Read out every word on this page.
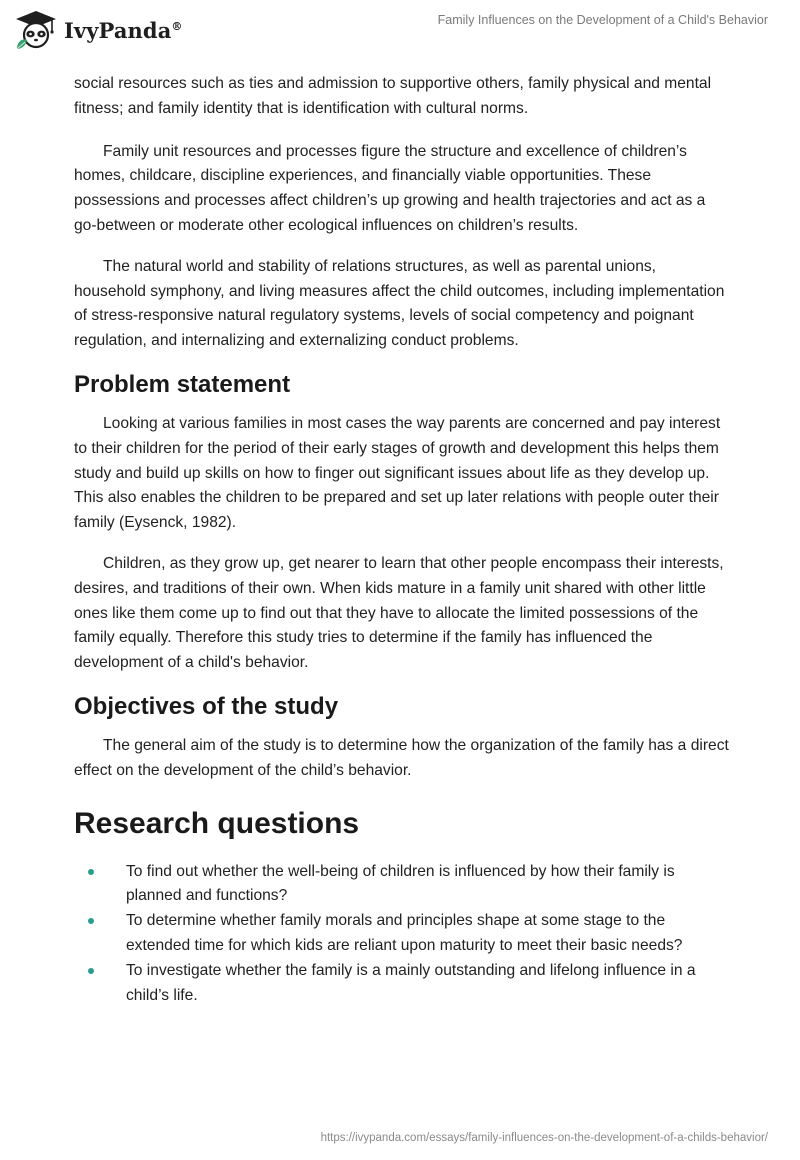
IvyPanda®	Family Influences on the Development of a Child's Behavior

social resources such as ties and admission to supportive others, family physical and mental fitness; and family identity that is identification with cultural norms.

Family unit resources and processes figure the structure and excellence of children’s homes, childcare, discipline experiences, and financially viable opportunities. These possessions and processes affect children’s up growing and health trajectories and act as a go-between or moderate other ecological influences on children’s results.

The natural world and stability of relations structures, as well as parental unions, household symphony, and living measures affect the child outcomes, including implementation of stress-responsive natural regulatory systems, levels of social competency and poignant regulation, and internalizing and externalizing conduct problems.

Problem statement

Looking at various families in most cases the way parents are concerned and pay interest to their children for the period of their early stages of growth and development this helps them study and build up skills on how to finger out significant issues about life as they develop up. This also enables the children to be prepared and set up later relations with people outer their family (Eysenck, 1982).

Children, as they grow up, get nearer to learn that other people encompass their interests, desires, and traditions of their own. When kids mature in a family unit shared with other little ones like them come up to find out that they have to allocate the limited possessions of the family equally. Therefore this study tries to determine if the family has influenced the development of a child's behavior.

Objectives of the study

The general aim of the study is to determine how the organization of the family has a direct effect on the development of the child’s behavior.

Research questions
To find out whether the well-being of children is influenced by how their family is planned and functions?
To determine whether family morals and principles shape at some stage to the extended time for which kids are reliant upon maturity to meet their basic needs?
To investigate whether the family is a mainly outstanding and lifelong influence in a child’s life.
https://ivypanda.com/essays/family-influences-on-the-development-of-a-childs-behavior/
